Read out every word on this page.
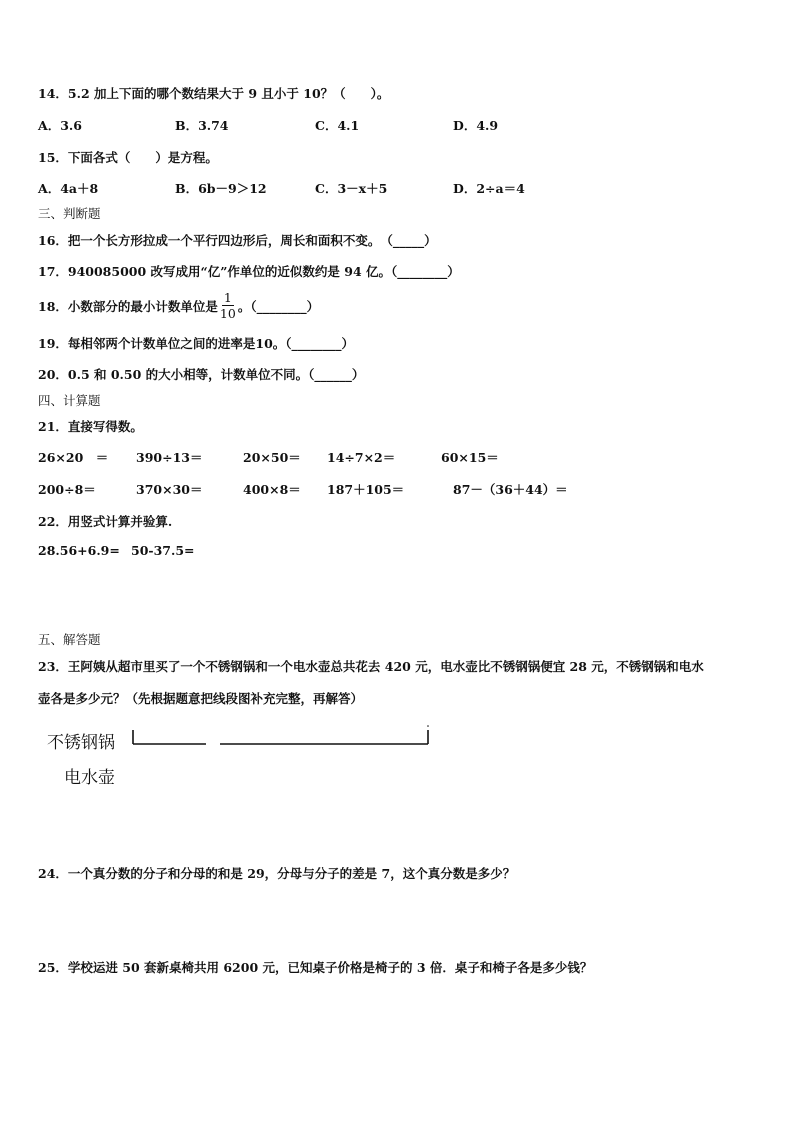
14．5.2 加上下面的哪个数结果大于 9 且小于 10？（　　）。
A．3.6	B．3.74	C．4.1	D．4.9
15．下面各式（　　）是方程。
A．4a＋8	B．6b－9＞12	C．3－x＋5	D．2÷a＝4
三、判断题
16．把一个长方形拉成一个平行四边形后，周长和面积不变。　（_____）
17．940085000 改写成用“亿”作单位的近似数约是 94 亿。（________）
18．小数部分的最小计数单位是 $\frac{1}{10}$ 。（________）
19．每相邻两个计数单位之间的进率是10。（________）
20．0.5 和 0.50 的大小相等，计数单位不同。（______）
四、计算题
21．直接写得数。
26×20　＝ 390÷13＝	20×50＝ 14÷7×2＝	60×15＝
200÷8＝	370×30＝	400×8＝ 187＋105＝	87－（36＋44）＝
22．用竖式计算并验算.
28.56+6.9= 50-37.5=
五、解答题
23．王阿姨从超市里买了一个不锈钢锅和一个电水壶总共花去 420 元，电水壶比不锈钢锅便宜 28 元，不锈钢锅和电水
壶各是多少元？（先根据题意把线段图补充完整，再解答）
不锈钢锅
电水壶
24．一个真分数的分子和分母的和是 29，分母与分子的差是 7，这个真分数是多少？
25．学校运进 50 套新桌椅共用 6200 元，已知桌子价格是椅子的 3 倍．桌子和椅子各是多少钱？
